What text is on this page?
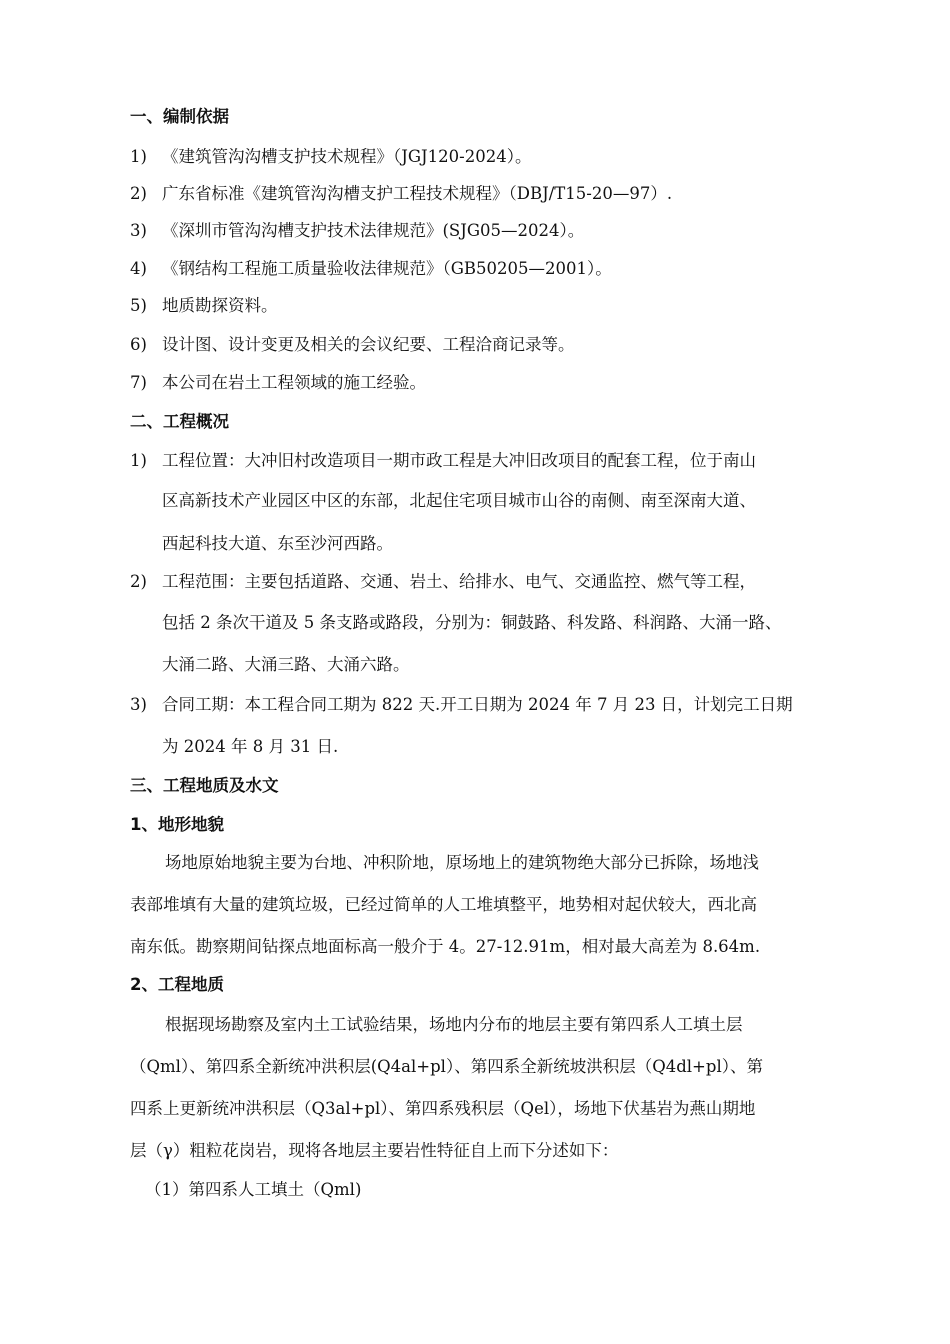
一、编制依据
1) 《建筑管沟沟槽支护技术规程》（JGJ120-2024）。
2) 广东省标准《建筑管沟沟槽支护工程技术规程》（DBJ/T15-20—97）.
3) 《深圳市管沟沟槽支护技术法律规范》(SJG05—2024）。
4) 《钢结构工程施工质量验收法律规范》（GB50205—2001）。
5) 地质勘探资料。
6) 设计图、设计变更及相关的会议纪要、工程洽商记录等。
7) 本公司在岩土工程领域的施工经验。
二、工程概况
1) 工程位置：大冲旧村改造项目一期市政工程是大冲旧改项目的配套工程，位于南山
区高新技术产业园区中区的东部，北起住宅项目城市山谷的南侧、南至深南大道、
西起科技大道、东至沙河西路。
2) 工程范围：主要包括道路、交通、岩土、给排水、电气、交通监控、燃气等工程，
包括 2 条次干道及 5 条支路或路段，分别为：铜鼓路、科发路、科润路、大涌一路、
大涌二路、大涌三路、大涌六路。
3) 合同工期：本工程合同工期为 822 天.开工日期为 2024 年 7 月 23 日，计划完工日期
为 2024 年 8 月 31 日.
三、工程地质及水文
1、地形地貌
场地原始地貌主要为台地、冲积阶地，原场地上的建筑物绝大部分已拆除，场地浅
表部堆填有大量的建筑垃圾，已经过简单的人工堆填整平，地势相对起伏较大，西北高
南东低。勘察期间钻探点地面标高一般介于 4。27-12.91m，相对最大高差为 8.64m.
2、工程地质
根据现场勘察及室内土工试验结果，场地内分布的地层主要有第四系人工填土层
（Qml）、第四系全新统冲洪积层(Q4al+pl）、第四系全新统坡洪积层（Q4dl+pl）、第
四系上更新统冲洪积层（Q3al+pl）、第四系残积层（Qel），场地下伏基岩为燕山期地
层（γ）粗粒花岗岩，现将各地层主要岩性特征自上而下分述如下：
（1）第四系人工填土（Qml)
